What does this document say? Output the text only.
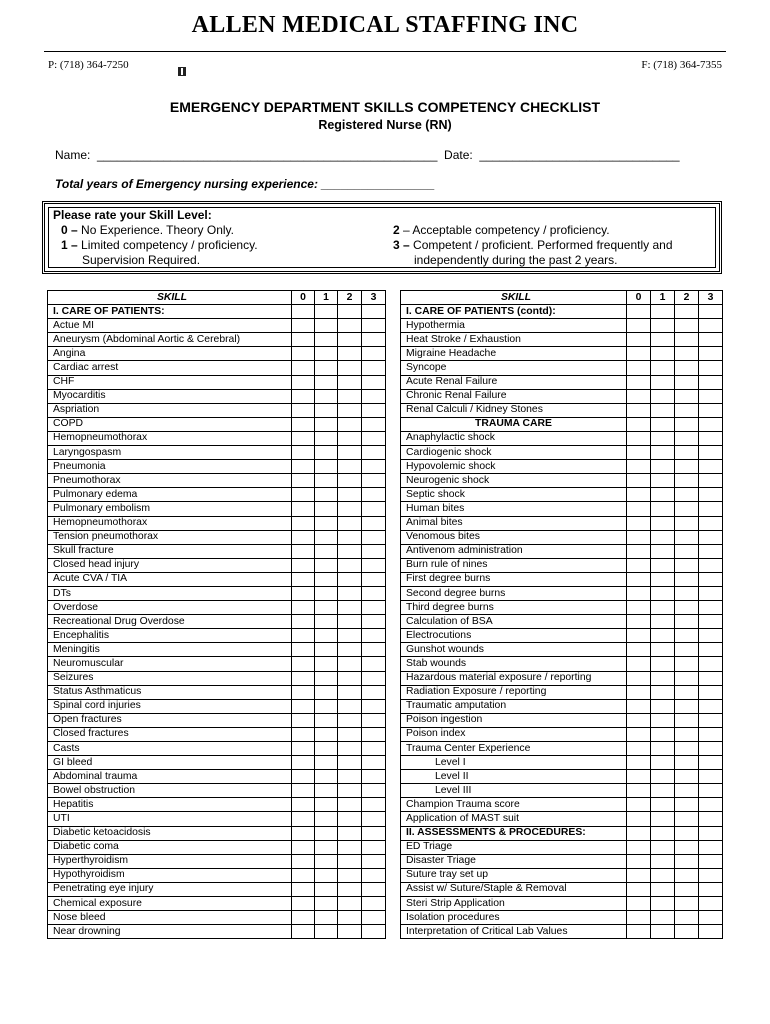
ALLEN MEDICAL STAFFING INC
P: (718) 364-7250	F: (718) 364-7355
EMERGENCY DEPARTMENT SKILLS COMPETENCY CHECKLIST
Registered Nurse (RN)
Name:  ___________________________________________________  Date:  ______________________________
Total years of Emergency nursing experience: _________________
Please rate your Skill Level:
0 – No Experience. Theory Only.
1 – Limited competency / proficiency.
Supervision Required.
2 – Acceptable competency / proficiency.
3 – Competent / proficient. Performed frequently and
independently during the past 2 years.
SKILL	0	1	2	3
I. CARE OF PATIENTS:				
Actue MI				
Aneurysm (Abdominal Aortic & Cerebral)				
Angina				
Cardiac arrest				
CHF				
Myocarditis				
Aspriation				
COPD				
Hemopneumothorax				
Laryngospasm				
Pneumonia				
Pneumothorax				
Pulmonary edema				
Pulmonary embolism				
Hemopneumothorax				
Tension pneumothorax				
Skull fracture				
Closed head injury				
Acute CVA / TIA				
DTs				
Overdose				
Recreational Drug Overdose				
Encephalitis				
Meningitis				
Neuromuscular				
Seizures				
Status Asthmaticus				
Spinal cord injuries				
Open fractures				
Closed fractures				
Casts				
GI bleed				
Abdominal trauma				
Bowel obstruction				
Hepatitis				
UTI				
Diabetic ketoacidosis				
Diabetic coma				
Hyperthyroidism				
Hypothyroidism				
Penetrating eye injury				
Chemical exposure				
Nose bleed				
Near drowning				
SKILL	0	1	2	3
I. CARE OF PATIENTS (contd):				
Hypothermia				
Heat Stroke / Exhaustion				
Migraine Headache				
Syncope				
Acute Renal Failure				
Chronic Renal Failure				
Renal Calculi / Kidney Stones				
TRAUMA CARE				
Anaphylactic shock				
Cardiogenic shock				
Hypovolemic shock				
Neurogenic shock				
Septic shock				
Human bites				
Animal bites				
Venomous bites				
Antivenom administration				
Burn rule of nines				
First degree burns				
Second degree burns				
Third degree burns				
Calculation of BSA				
Electrocutions				
Gunshot wounds				
Stab wounds				
Hazardous material exposure / reporting				
Radiation Exposure / reporting				
Traumatic amputation				
Poison ingestion				
Poison index				
Trauma Center Experience				
Level I				
Level II				
Level III				
Champion Trauma score				
Application of MAST suit				
II. ASSESSMENTS & PROCEDURES:				
ED Triage				
Disaster Triage				
Suture tray set up				
Assist w/ Suture/Staple & Removal				
Steri Strip Application				
Isolation procedures				
Interpretation of Critical Lab Values				
